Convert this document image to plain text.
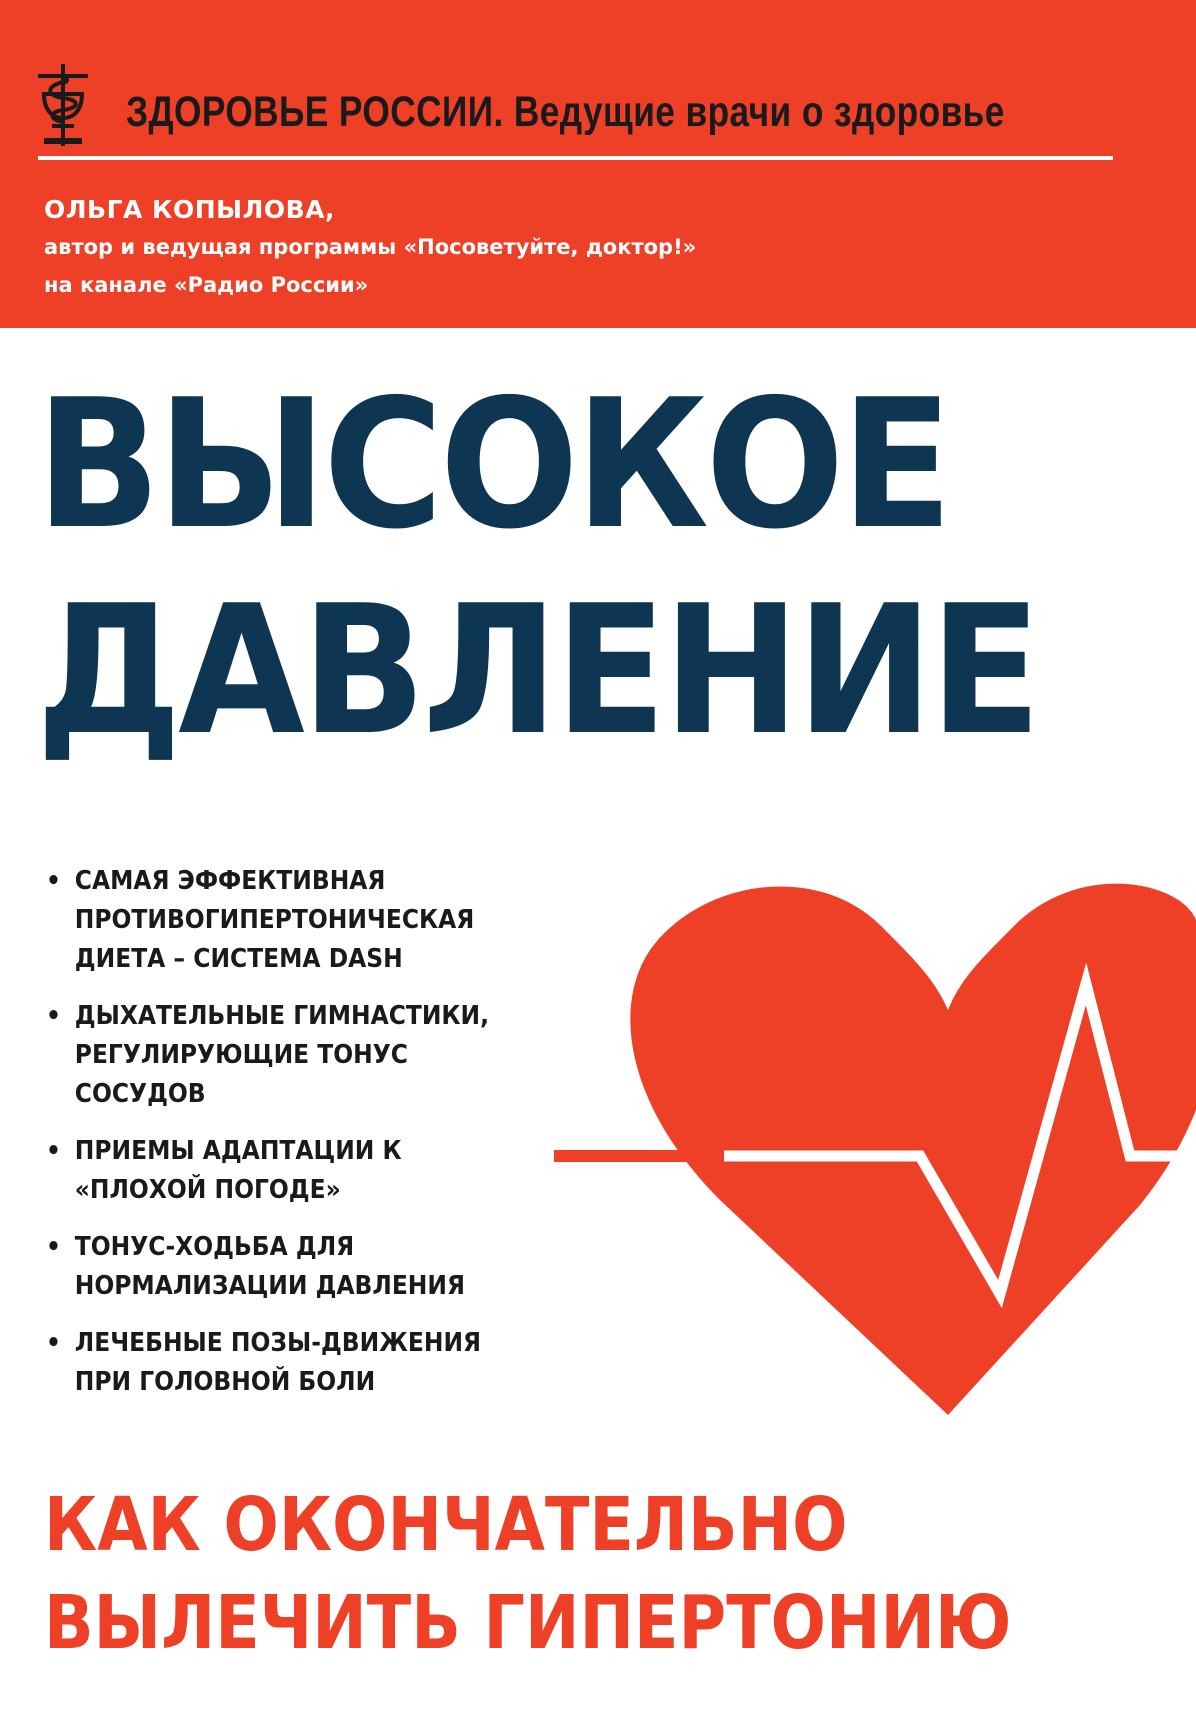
ЗДОРОВЬЕ РОССИИ. Ведущие врачи о здоровье
ОЛЬГА КОПЫЛОВА,
автор и ведущая программы «Посоветуйте, доктор!»
на канале «Радио России»
ВЫСОКОЕ
ДАВЛЕНИЕ
• САМАЯ ЭФФЕКТИВНАЯ
ПРОТИВОГИПЕРТОНИЧЕСКАЯ
ДИЕТА – СИСТЕМА DASH
• ДЫХАТЕЛЬНЫЕ ГИМНАСТИКИ,
РЕГУЛИРУЮЩИЕ ТОНУС
СОСУДОВ
• ПРИЕМЫ АДАПТАЦИИ К
«ПЛОХОЙ ПОГОДЕ»
• ТОНУС-ХОДЬБА ДЛЯ
НОРМАЛИЗАЦИИ ДАВЛЕНИЯ
• ЛЕЧЕБНЫЕ ПОЗЫ-ДВИЖЕНИЯ
ПРИ ГОЛОВНОЙ БОЛИ
КАК ОКОНЧАТЕЛЬНО
ВЫЛЕЧИТЬ ГИПЕРТОНИЮ
